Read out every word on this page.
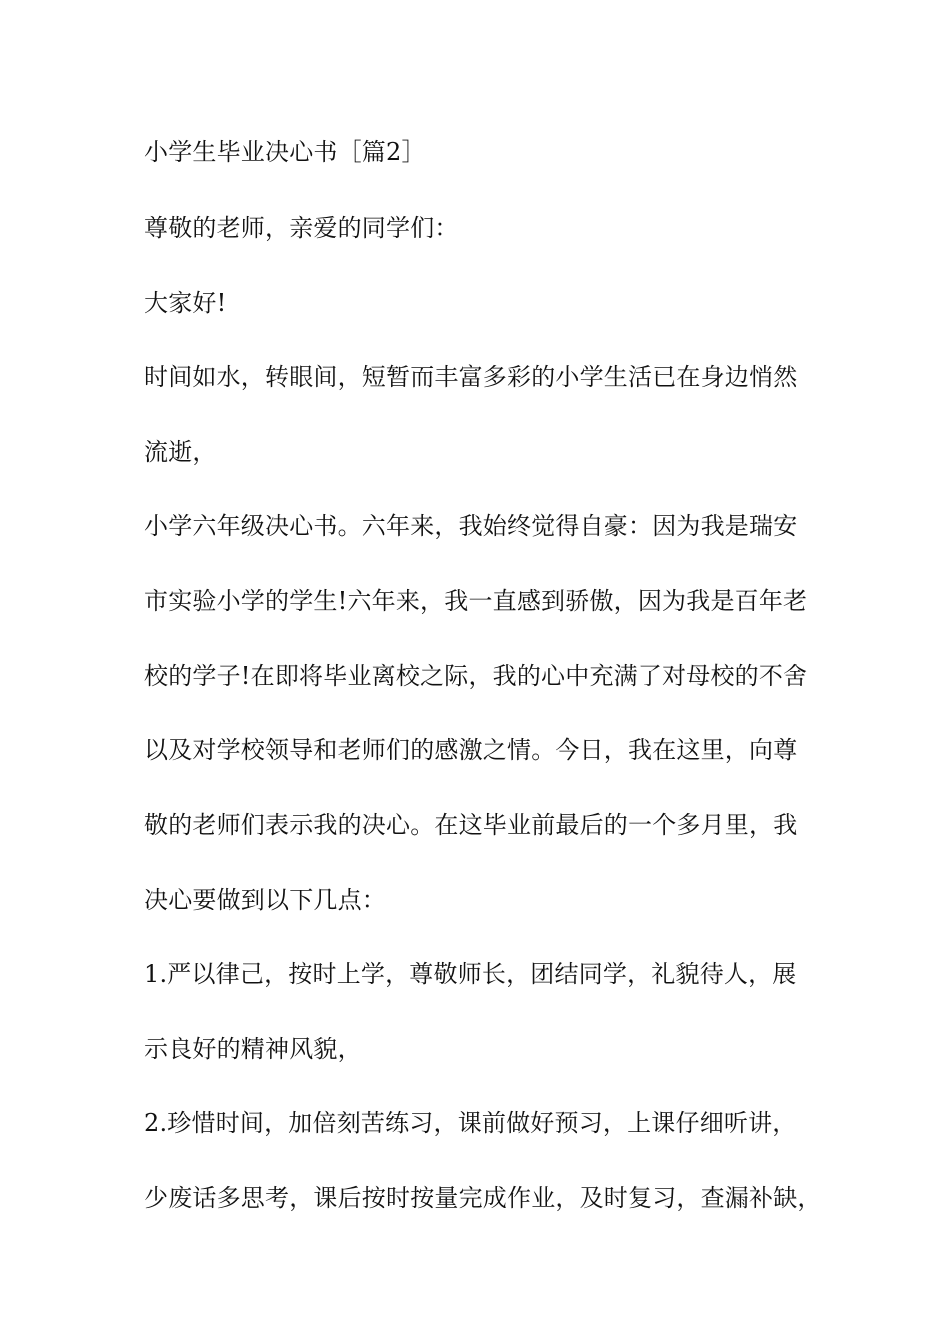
小学生毕业决心书［篇2］
尊敬的老师，亲爱的同学们：
大家好!
时间如水，转眼间，短暂而丰富多彩的小学生活已在身边悄然
流逝，
小学六年级决心书。六年来，我始终觉得自豪：因为我是瑞安
市实验小学的学生!六年来，我一直感到骄傲，因为我是百年老
校的学子!在即将毕业离校之际，我的心中充满了对母校的不舍
以及对学校领导和老师们的感激之情。今日，我在这里，向尊
敬的老师们表示我的决心。在这毕业前最后的一个多月里，我
决心要做到以下几点：
1.严以律己，按时上学，尊敬师长，团结同学，礼貌待人，展
示良好的精神风貌，
2.珍惜时间，加倍刻苦练习，课前做好预习，上课仔细听讲，
少废话多思考，课后按时按量完成作业，及时复习，查漏补缺，
